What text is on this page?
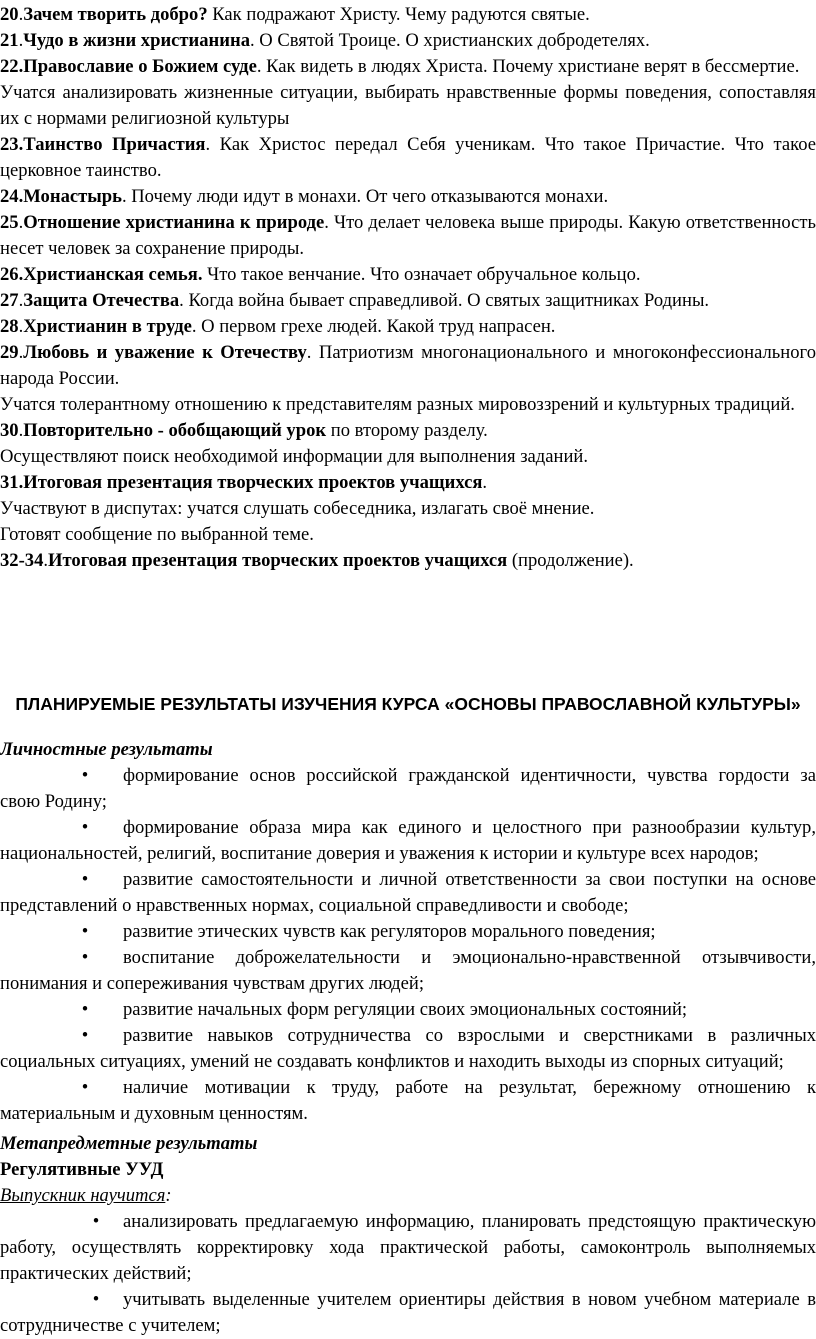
20.Зачем творить добро? Как подражают Христу. Чему радуются святые.

21.Чудо в жизни христианина. О Святой Троице. О христианских добродетелях.

22.Православие о Божием суде. Как видеть в людях Христа. Почему христиане верят в бессмертие.

Учатся анализировать жизненные ситуации, выбирать нравственные формы поведения, сопоставляя их с нормами религиозной культуры

23.Таинство Причастия. Как Христос передал Себя ученикам. Что такое Причастие. Что такое церковное таинство.

24.Монастырь. Почему люди идут в монахи. От чего отказываются монахи.

25.Отношение христианина к природе. Что делает человека выше природы. Какую ответственность несет человек за сохранение природы.

26.Христианская семья. Что такое венчание. Что означает обручальное кольцо.

27.Защита Отечества. Когда война бывает справедливой. О святых защитниках Родины.

28.Христианин в труде. О первом грехе людей. Какой труд напрасен.

29.Любовь и уважение к Отечеству. Патриотизм многонационального и многоконфессионального народа России.

Учатся толерантному отношению к представителям разных мировоззрений и культурных традиций.

30.Повторительно - обобщающий урок по второму разделу.

Осуществляют поиск необходимой информации для выполнения заданий.

31.Итоговая презентация творческих проектов учащихся.

Участвуют в диспутах: учатся слушать собеседника, излагать своё мнение.

Готовят сообщение по выбранной теме.

32-34.Итоговая презентация творческих проектов учащихся (продолжение).

ПЛАНИРУЕМЫЕ РЕЗУЛЬТАТЫ ИЗУЧЕНИЯ КУРСА «ОСНОВЫ ПРАВОСЛАВНОЙ КУЛЬТУРЫ»

Личностные результаты

•	формирование основ российской гражданской идентичности, чувства гордости за свою Родину;

•	формирование образа мира как единого и целостного при разнообразии культур, национальностей, религий, воспитание доверия и уважения к истории и культуре всех народов;

•	развитие самостоятельности и личной ответственности за свои поступки на основе представлений о нравственных нормах, социальной справедливости и свободе;

•	развитие этических чувств как регуляторов морального поведения;

•	воспитание доброжелательности и эмоционально-нравственной отзывчивости, понимания и сопереживания чувствам других людей;

•	развитие начальных форм регуляции своих эмоциональных состояний;

•	развитие навыков сотрудничества со взрослыми и сверстниками в различных социальных ситуациях, умений не создавать конфликтов и находить выходы из спорных ситуаций;

•	наличие мотивации к труду, работе на результат, бережному отношению к материальным и духовным ценностям.

Метапредметные результаты

Регулятивные УУД

Выпускник научится:

•	анализировать предлагаемую информацию, планировать предстоящую практическую работу, осуществлять корректировку хода практической работы, самоконтроль выполняемых практических действий;

•	учитывать выделенные учителем ориентиры действия в новом учебном материале в сотрудничестве с учителем;
